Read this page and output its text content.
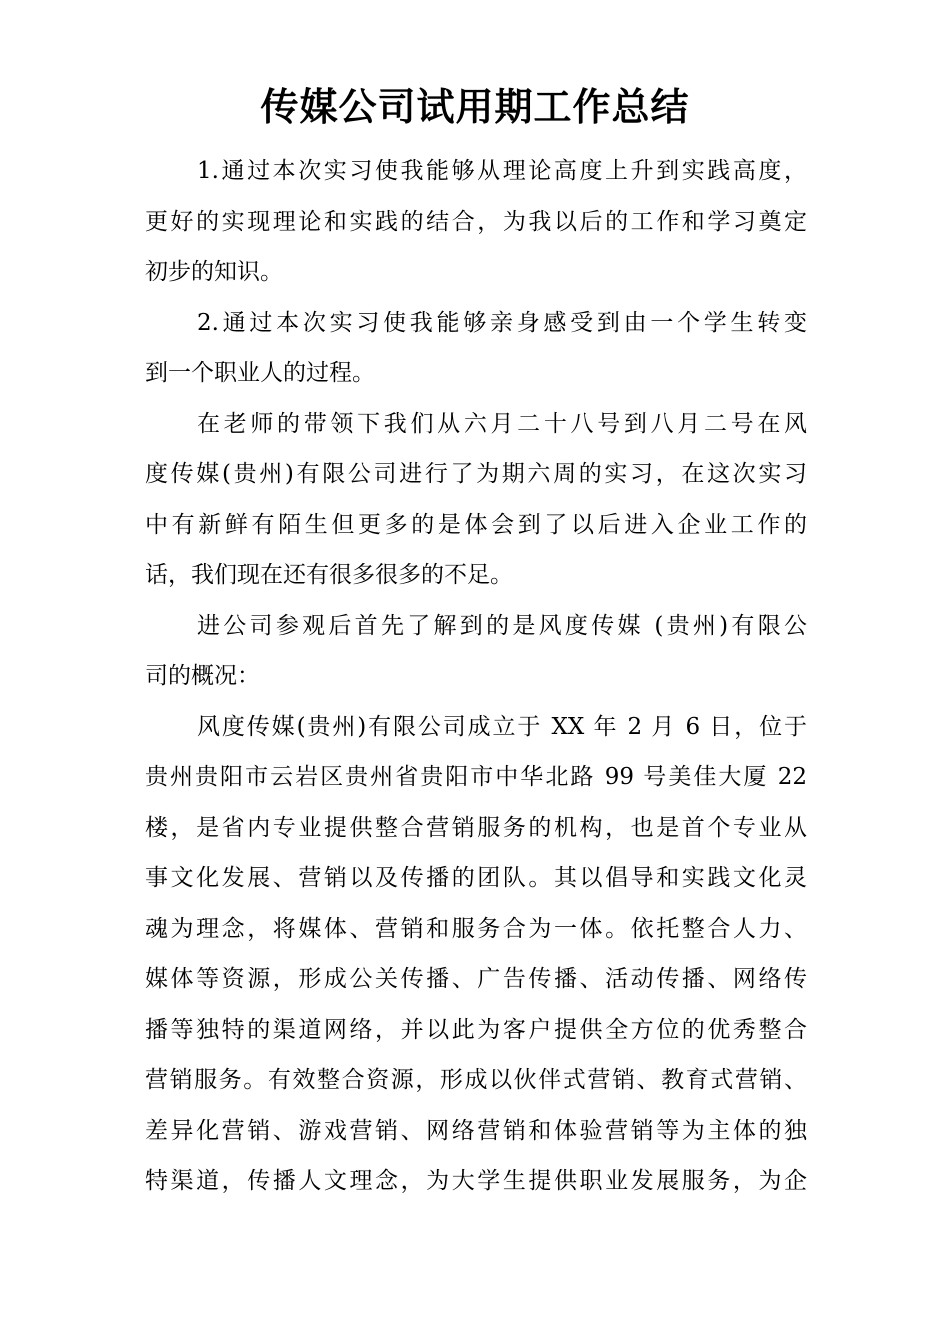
传媒公司试用期工作总结

1.通过本次实习使我能够从理论高度上升到实践高度，
更好的实现理论和实践的结合，为我以后的工作和学习奠定
初步的知识。

2.通过本次实习使我能够亲身感受到由一个学生转变
到一个职业人的过程。

在老师的带领下我们从六月二十八号到八月二号在风
度传媒(贵州)有限公司进行了为期六周的实习，在这次实习
中有新鲜有陌生但更多的是体会到了以后进入企业工作的
话，我们现在还有很多很多的不足。

进公司参观后首先了解到的是风度传媒 (贵州)有限公
司的概况：

风度传媒(贵州)有限公司成立于 XX 年 2 月 6 日，位于
贵州贵阳市云岩区贵州省贵阳市中华北路 99 号美佳大厦 22
楼，是省内专业提供整合营销服务的机构，也是首个专业从
事文化发展、营销以及传播的团队。其以倡导和实践文化灵
魂为理念，将媒体、营销和服务合为一体。依托整合人力、
媒体等资源，形成公关传播、广告传播、活动传播、网络传
播等独特的渠道网络，并以此为客户提供全方位的优秀整合
营销服务。有效整合资源，形成以伙伴式营销、教育式营销、
差异化营销、游戏营销、网络营销和体验营销等为主体的独
特渠道，传播人文理念，为大学生提供职业发展服务，为企
